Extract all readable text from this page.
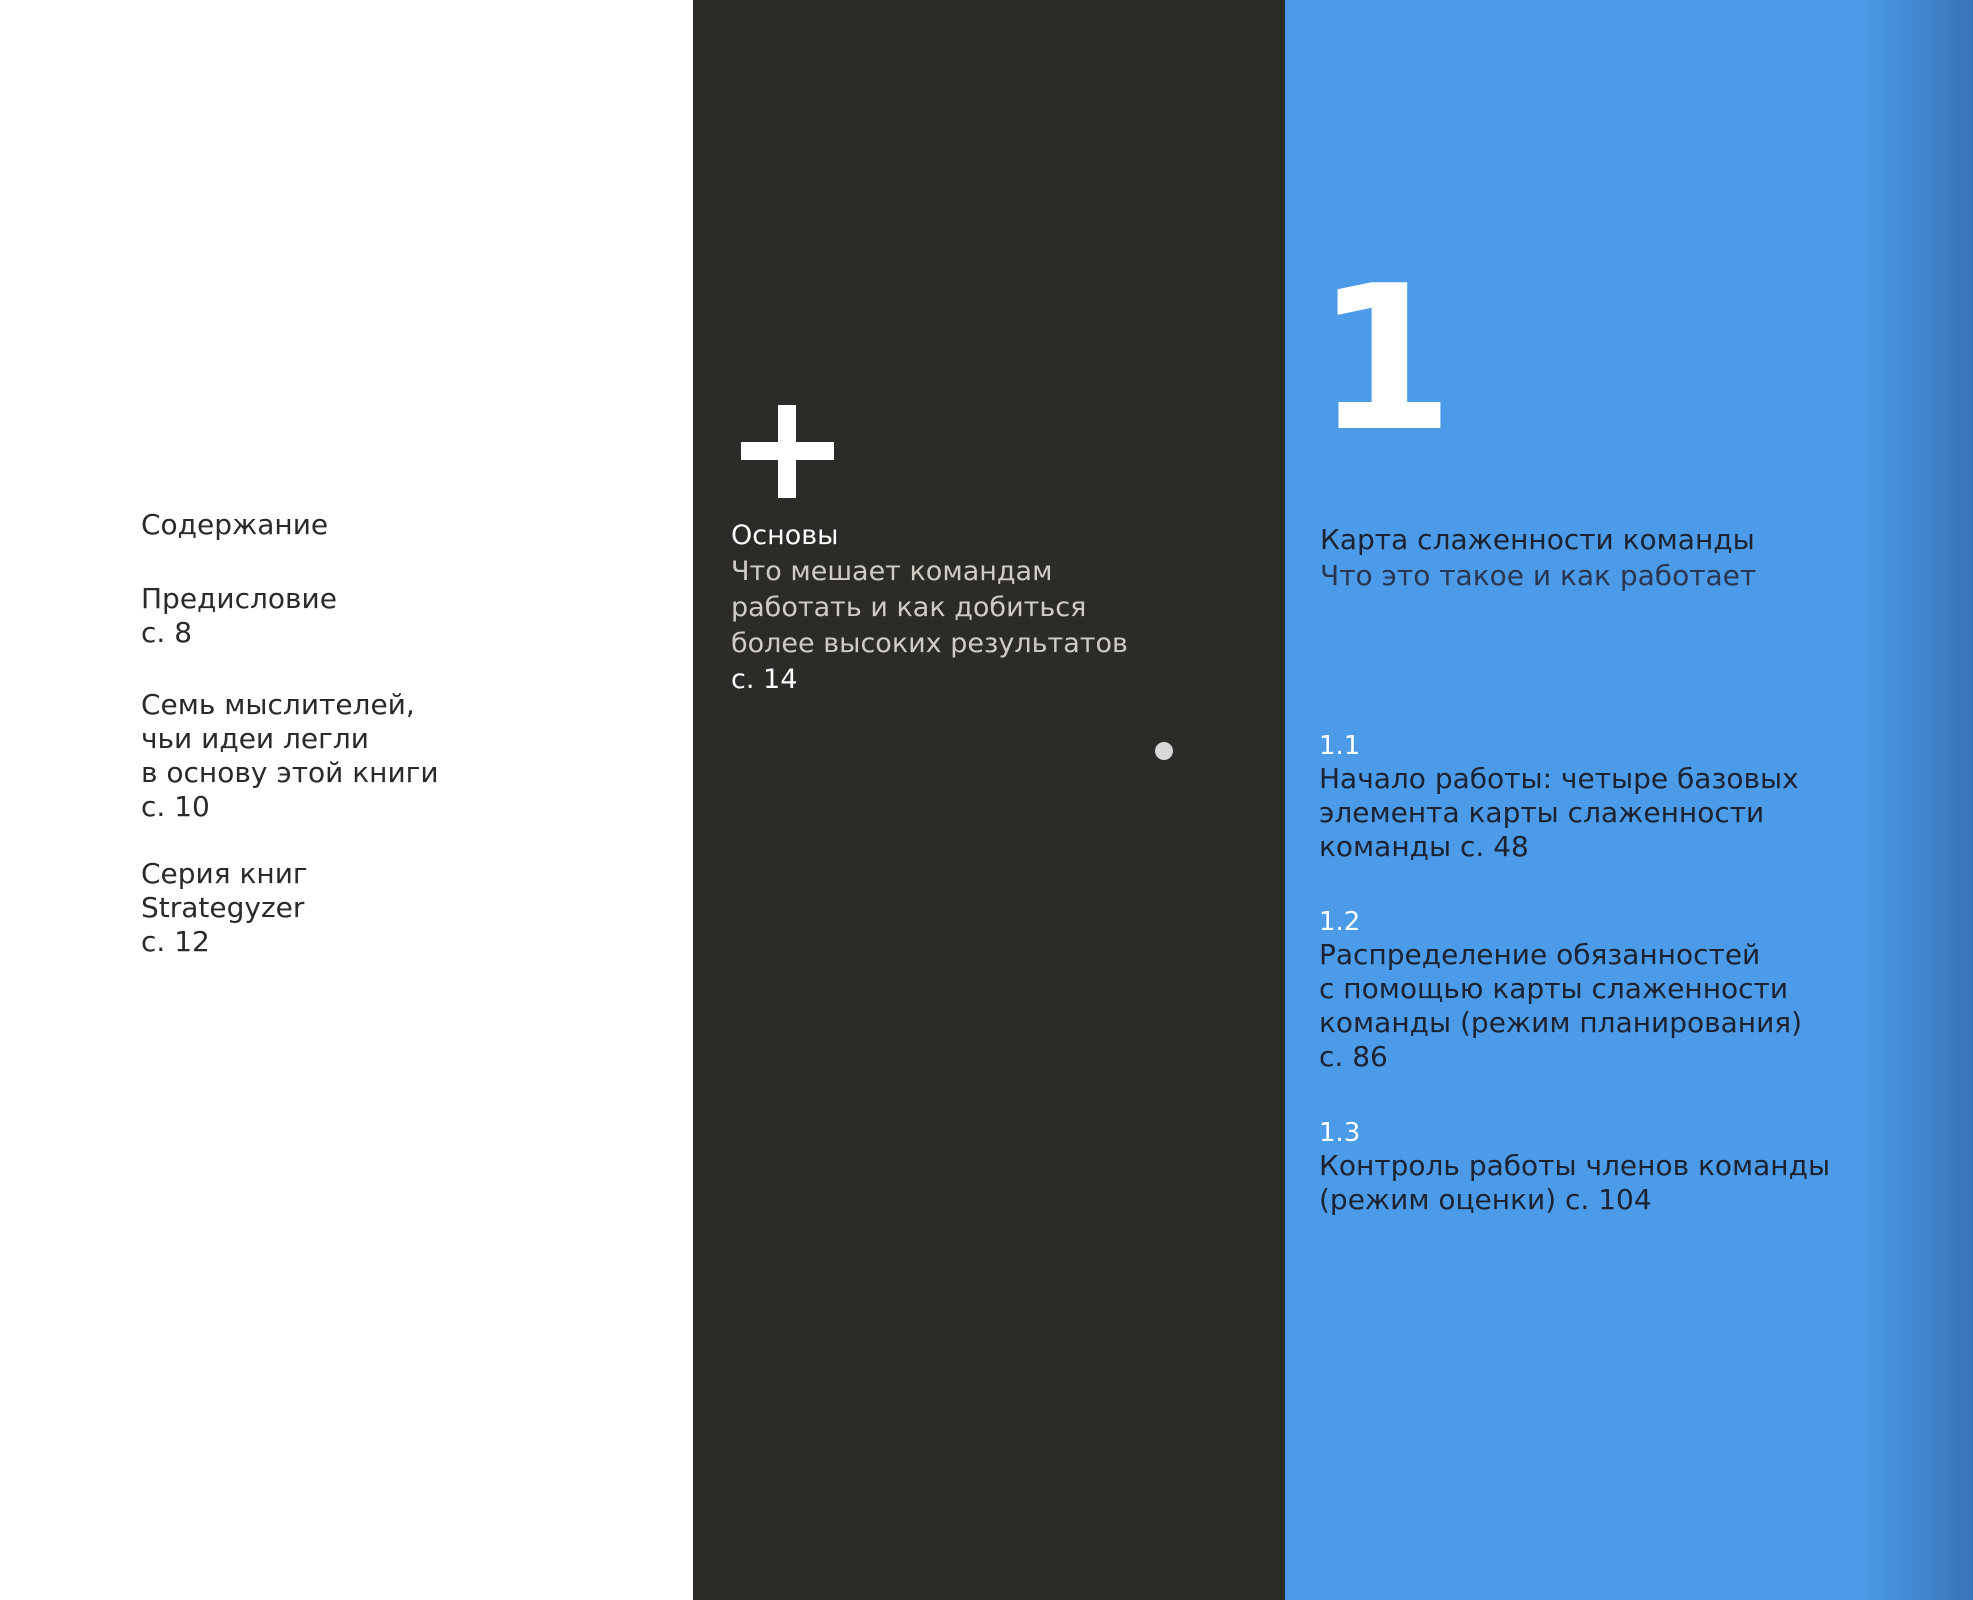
Содержание
Предисловие
с. 8
Семь мыслителей,
чьи идеи легли
в основу этой книги
с. 10
Серия книг
Strategyzer
с. 12
Основы
Что мешает командам
работать и как добиться
более высоких результатов
с. 14
1
Карта слаженности команды
Что это такое и как работает
1.1
Начало работы: четыре базовых
элемента карты слаженности
команды с. 48
1.2
Распределение обязанностей
с помощью карты слаженности
команды (режим планирования)
с. 86
1.3
Контроль работы членов команды
(режим оценки) с. 104
